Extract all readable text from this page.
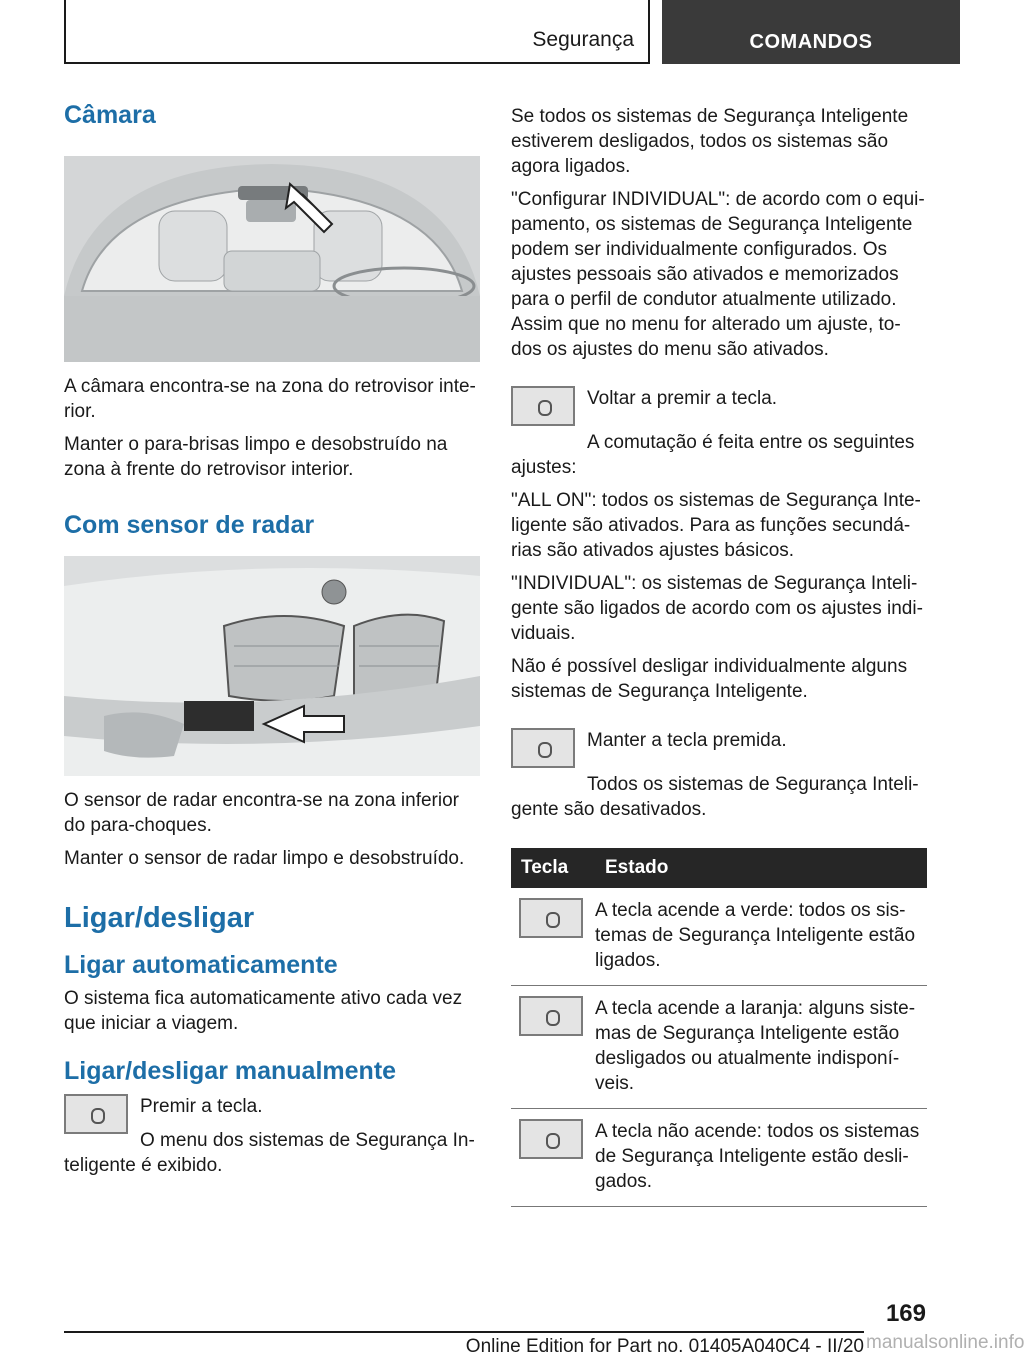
Segurança	COMANDOS
Câmara

A câmara encontra-se na zona do retrovisor inte- rior.

Manter o para-brisas limpo e desobstruído na zona à frente do retrovisor interior.

Com sensor de radar

O sensor de radar encontra-se na zona inferior do para-choques.

Manter o sensor de radar limpo e desobstruído.

Ligar/desligar
Ligar automaticamente

O sistema fica automaticamente ativo cada vez que iniciar a viagem.

Ligar/desligar manualmente

Premir a tecla.

O menu dos sistemas de Segurança In- teligente é exibido.

Se todos os sistemas de Segurança Inteligente estiverem desligados, todos os sistemas são agora ligados.

"Configurar INDIVIDUAL": de acordo com o equi- pamento, os sistemas de Segurança Inteligente podem ser individualmente configurados. Os ajustes pessoais são ativados e memorizados para o perfil de condutor atualmente utilizado. Assim que no menu for alterado um ajuste, to- dos os ajustes do menu são ativados.

Voltar a premir a tecla.

A comutação é feita entre os seguintes ajustes:

"ALL ON": todos os sistemas de Segurança Inte- ligente são ativados. Para as funções secundá- rias são ativados ajustes básicos.

"INDIVIDUAL": os sistemas de Segurança Inteli- gente são ligados de acordo com os ajustes indi- viduais.

Não é possível desligar individualmente alguns sistemas de Segurança Inteligente.

Manter a tecla premida.

Todos os sistemas de Segurança Inteli- gente são desativados.

Tecla	Estado

	A tecla acende a verde: todos os sis- temas de Segurança Inteligente estão ligados.

	A tecla acende a laranja: alguns siste- mas de Segurança Inteligente estão desligados ou atualmente indisponí- veis.

	A tecla não acende: todos os sistemas de Segurança Inteligente estão desli- gados.
169
Online Edition for Part no. 01405A040C4 - II/20 manualsonline.info
